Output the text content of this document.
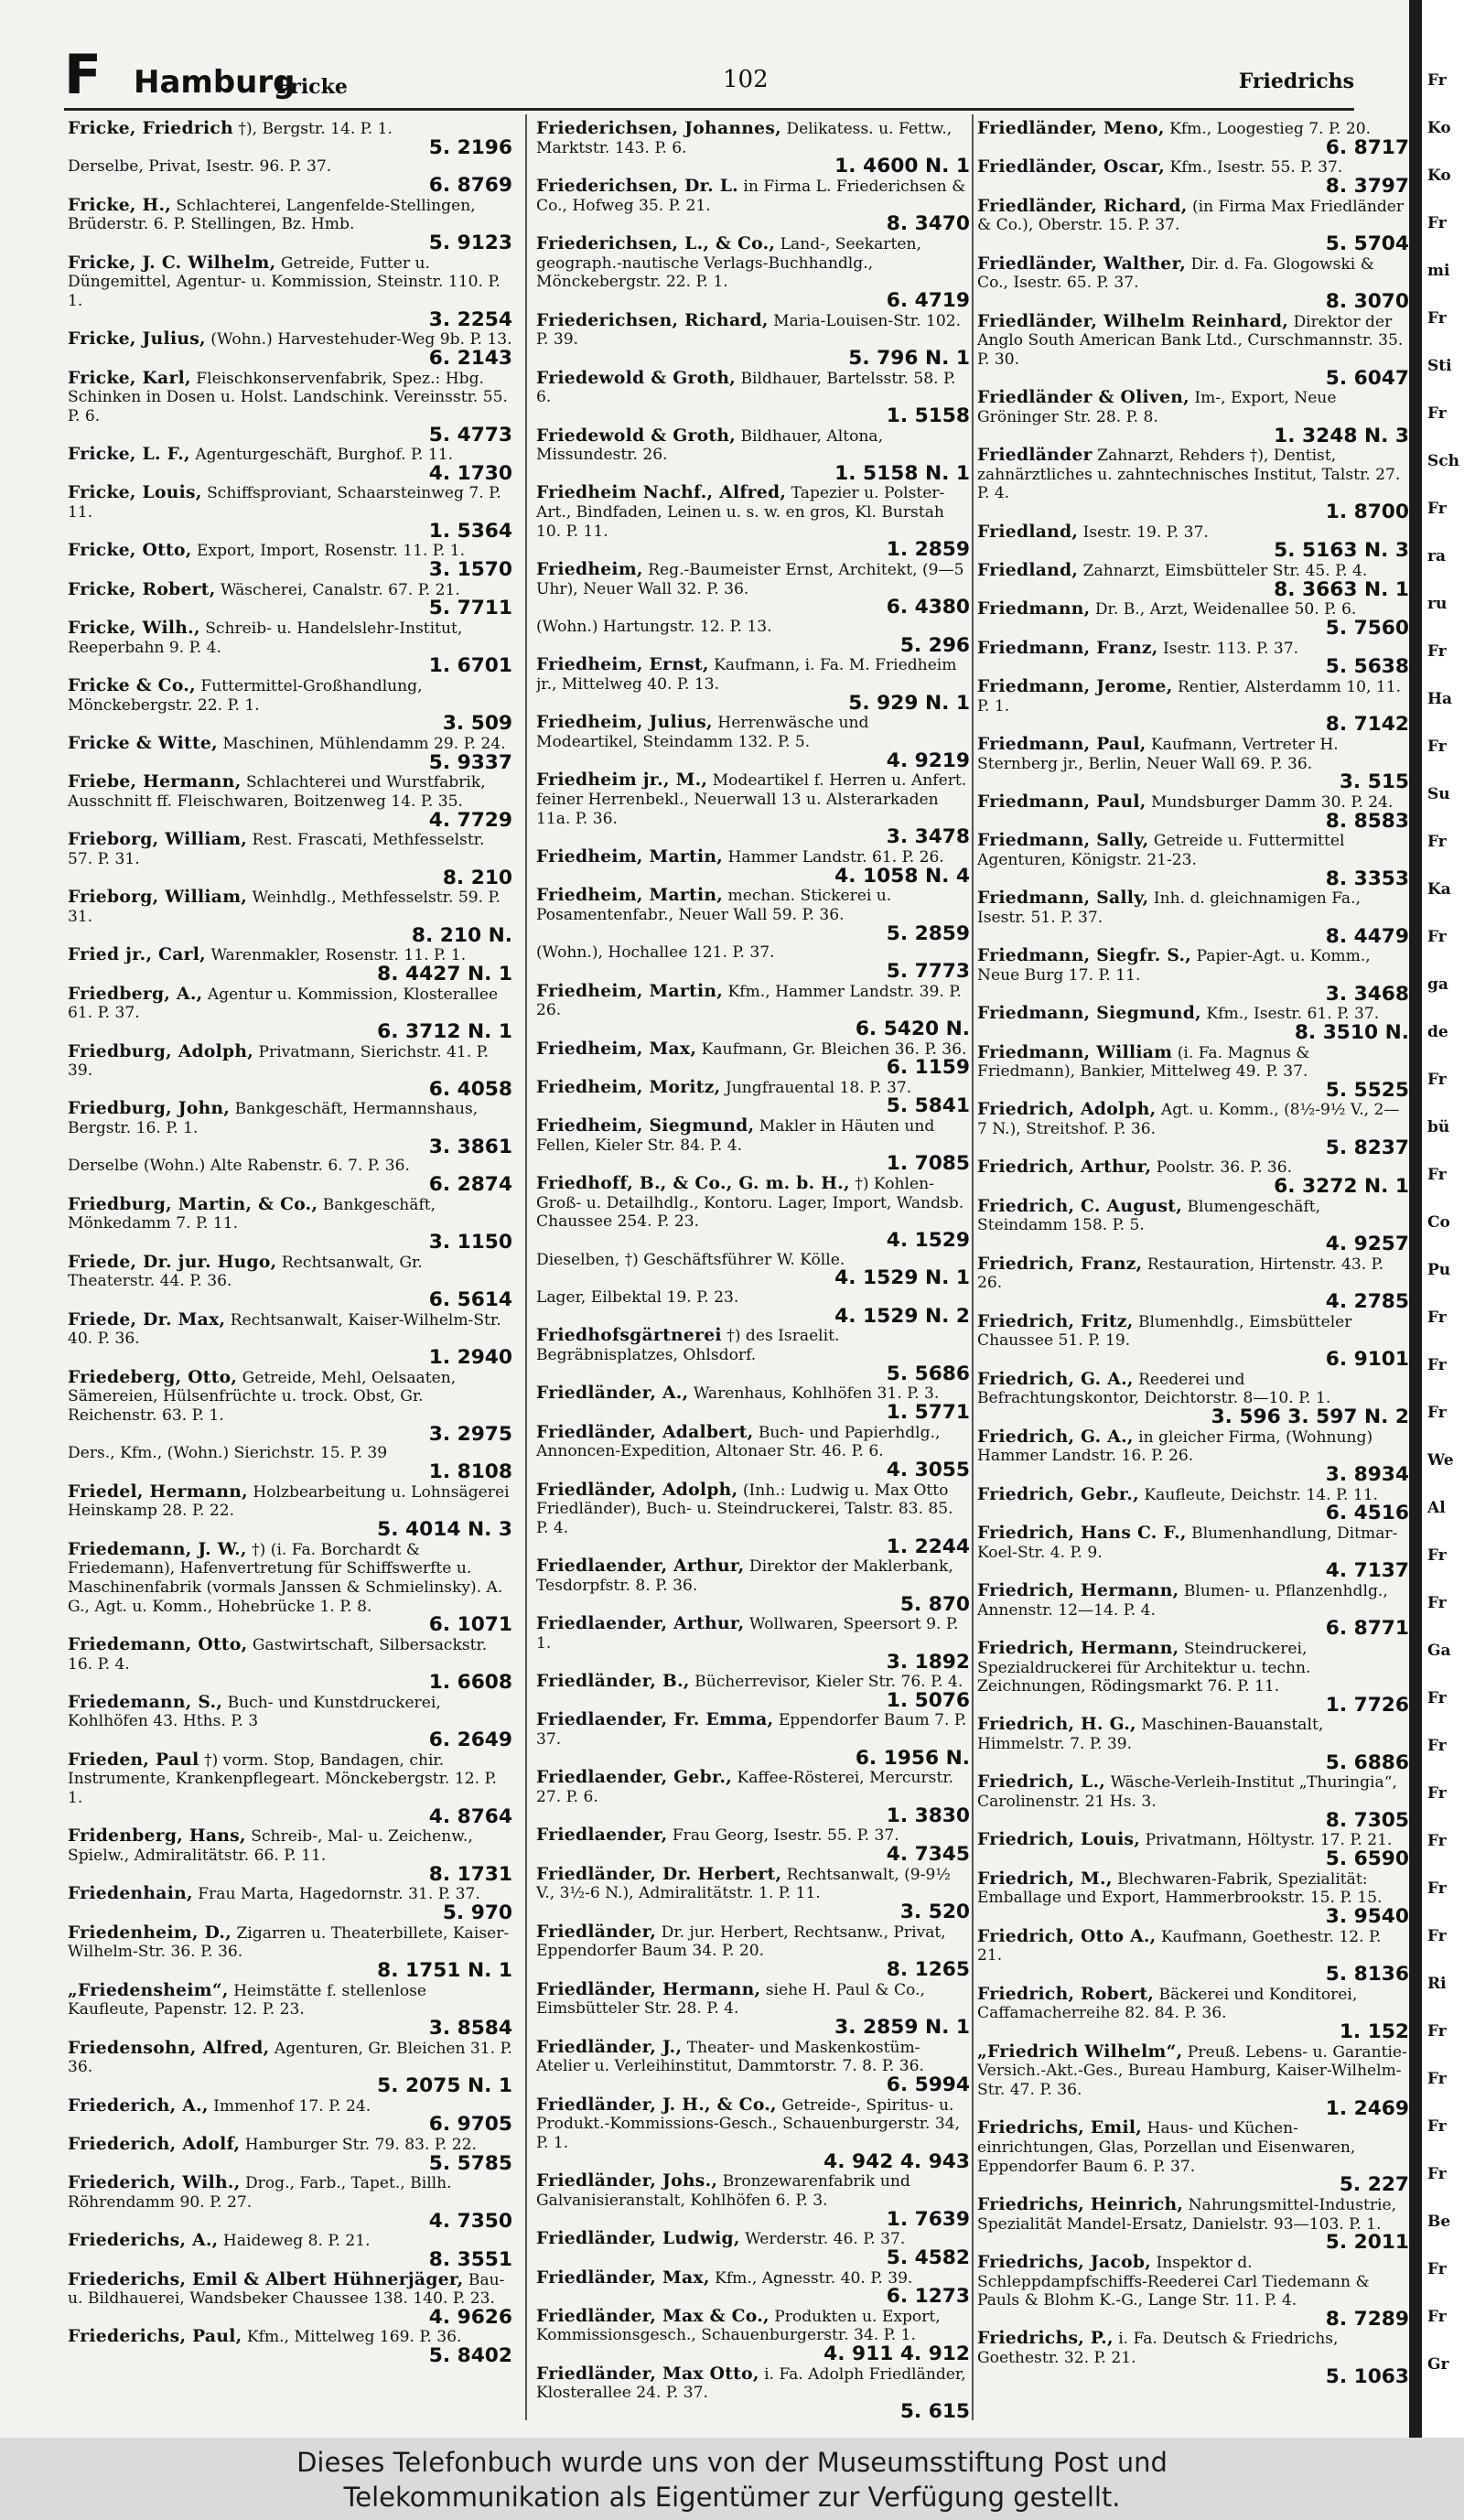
F Hamburg
Fricke	102	Friedrichs
Fricke, Friedrich †), Bergstr. 14. P. 1.
5. 2196
Derselbe, Privat, Isestr. 96. P. 37.
6. 8769
Fricke, H., Schlachterei, Langenfelde-Stellingen, Brüderstr. 6. P. Stellingen, Bz. Hmb.
5. 9123
Fricke, J. C. Wilhelm, Getreide, Futter u. Düngemittel, Agentur- u. Kommission, Steinstr. 110. P. 1.
3. 2254
Fricke, Julius, (Wohn.) Harvestehuder-Weg 9b. P. 13.
6. 2143
Fricke, Karl, Fleischkonservenfabrik, Spez.: Hbg. Schinken in Dosen u. Holst. Landschink. Vereinsstr. 55. P. 6.
5. 4773
Fricke, L. F., Agenturgeschäft, Burghof. P. 11.
4. 1730
Fricke, Louis, Schiffsproviant, Schaarsteinweg 7. P. 11.
1. 5364
Fricke, Otto, Export, Import, Rosenstr. 11. P. 1.
3. 1570
Fricke, Robert, Wäscherei, Canalstr. 67. P. 21.
5. 7711
Fricke, Wilh., Schreib- u. Handelslehr-Institut, Reeperbahn 9. P. 4.
1. 6701
Fricke & Co., Futtermittel-Großhandlung, Mönckebergstr. 22. P. 1.
3. 509
Fricke & Witte, Maschinen, Mühlendamm 29. P. 24.
5. 9337
Friebe, Hermann, Schlachterei und Wurstfabrik, Ausschnitt ff. Fleischwaren, Boitzenweg 14. P. 35.
4. 7729
Frieborg, William, Rest. Frascati, Methfesselstr. 57. P. 31.
8. 210
Frieborg, William, Weinhdlg., Methfesselstr. 59. P. 31.
8. 210 N.
Fried jr., Carl, Warenmakler, Rosenstr. 11. P. 1.
8. 4427 N. 1
Friedberg, A., Agentur u. Kommission, Klosterallee 61. P. 37.
6. 3712 N. 1
Friedburg, Adolph, Privatmann, Sierichstr. 41. P. 39.
6. 4058
Friedburg, John, Bankgeschäft, Hermannshaus, Bergstr. 16. P. 1.
3. 3861
Derselbe (Wohn.) Alte Rabenstr. 6. 7. P. 36.
6. 2874
Friedburg, Martin, & Co., Bankgeschäft, Mönkedamm 7. P. 11.
3. 1150
Friede, Dr. jur. Hugo, Rechtsanwalt, Gr. Theaterstr. 44. P. 36.
6. 5614
Friede, Dr. Max, Rechtsanwalt, Kaiser-Wilhelm-Str. 40. P. 36.
1. 2940
Friedeberg, Otto, Getreide, Mehl, Oelsaaten, Sämereien, Hülsenfrüchte u. trock. Obst, Gr. Reichenstr. 63. P. 1.
3. 2975
Ders., Kfm., (Wohn.) Sierichstr. 15. P. 39
1. 8108
Friedel, Hermann, Holzbearbeitung u. Lohnsägerei Heinskamp 28. P. 22.
5. 4014 N. 3
Friedemann, J. W., †) (i. Fa. Borchardt & Friedemann), Hafenvertretung für Schiffswerfte u. Maschinenfabrik (vormals Janssen & Schmielinsky). A. G., Agt. u. Komm., Hohebrücke 1. P. 8.
6. 1071
Friedemann, Otto, Gastwirtschaft, Silbersackstr. 16. P. 4.
1. 6608
Friedemann, S., Buch- und Kunstdruckerei, Kohlhöfen 43. Hths. P. 3
6. 2649
Frieden, Paul †) vorm. Stop, Bandagen, chir. Instrumente, Krankenpflegeart. Mönckebergstr. 12. P. 1.
4. 8764
Fridenberg, Hans, Schreib-, Mal- u. Zeichenw., Spielw., Admiralitätstr. 66. P. 11.
8. 1731
Friedenhain, Frau Marta, Hagedornstr. 31. P. 37.
5. 970
Friedenheim, D., Zigarren u. Theaterbillete, Kaiser-Wilhelm-Str. 36. P. 36.
8. 1751 N. 1
„Friedensheim“, Heimstätte f. stellenlose Kaufleute, Papenstr. 12. P. 23.
3. 8584
Friedensohn, Alfred, Agenturen, Gr. Bleichen 31. P. 36.
5. 2075 N. 1
Friederich, A., Immenhof 17. P. 24.
6. 9705
Friederich, Adolf, Hamburger Str. 79. 83. P. 22.
5. 5785
Friederich, Wilh., Drog., Farb., Tapet., Billh. Röhrendamm 90. P. 27.
4. 7350
Friederichs, A., Haideweg 8. P. 21.
8. 3551
Friederichs, Emil & Albert Hühnerjäger, Bau- u. Bildhauerei, Wandsbeker Chaussee 138. 140. P. 23.
4. 9626
Friederichs, Paul, Kfm., Mittelweg 169. P. 36.
5. 8402
Friederichsen, Johannes, Delikatess. u. Fettw., Marktstr. 143. P. 6.
1. 4600 N. 1
Friederichsen, Dr. L. in Firma L. Friederichsen & Co., Hofweg 35. P. 21.
8. 3470
Friederichsen, L., & Co., Land-, Seekarten, geograph.-nautische Verlags-Buchhandlg., Mönckebergstr. 22. P. 1.
6. 4719
Friederichsen, Richard, Maria-Louisen-Str. 102. P. 39.
5. 796 N. 1
Friedewold & Groth, Bildhauer, Bartelsstr. 58. P. 6.
1. 5158
Friedewold & Groth, Bildhauer, Altona, Missundestr. 26.
1. 5158 N. 1
Friedheim Nachf., Alfred, Tapezier u. Polster-Art., Bindfaden, Leinen u. s. w. en gros, Kl. Burstah 10. P. 11.
1. 2859
Friedheim, Reg.-Baumeister Ernst, Architekt, (9—5 Uhr), Neuer Wall 32. P. 36.
6. 4380
(Wohn.) Hartungstr. 12. P. 13.
5. 296
Friedheim, Ernst, Kaufmann, i. Fa. M. Friedheim jr., Mittelweg 40. P. 13.
5. 929 N. 1
Friedheim, Julius, Herrenwäsche und Modeartikel, Steindamm 132. P. 5.
4. 9219
Friedheim jr., M., Modeartikel f. Herren u. Anfert. feiner Herrenbekl., Neuerwall 13 u. Alsterarkaden 11a. P. 36.
3. 3478
Friedheim, Martin, Hammer Landstr. 61. P. 26.
4. 1058 N. 4
Friedheim, Martin, mechan. Stickerei u. Posamentenfabr., Neuer Wall 59. P. 36.
5. 2859
(Wohn.), Hochallee 121. P. 37.
5. 7773
Friedheim, Martin, Kfm., Hammer Landstr. 39. P. 26.
6. 5420 N.
Friedheim, Max, Kaufmann, Gr. Bleichen 36. P. 36.
6. 1159
Friedheim, Moritz, Jungfrauental 18. P. 37.
5. 5841
Friedheim, Siegmund, Makler in Häuten und Fellen, Kieler Str. 84. P. 4.
1. 7085
Friedhoff, B., & Co., G. m. b. H., †) Kohlen-Groß- u. Detailhdlg., Kontoru. Lager, Import, Wandsb. Chaussee 254. P. 23.
4. 1529
Dieselben, †) Geschäftsführer W. Kölle.
4. 1529 N. 1
Lager, Eilbektal 19. P. 23.
4. 1529 N. 2
Friedhofsgärtnerei †) des Israelit. Begräbnisplatzes, Ohlsdorf.
5. 5686
Friedländer, A., Warenhaus, Kohlhöfen 31. P. 3.
1. 5771
Friedländer, Adalbert, Buch- und Papierhdlg., Annoncen-Expedition, Altonaer Str. 46. P. 6.
4. 3055
Friedländer, Adolph, (Inh.: Ludwig u. Max Otto Friedländer), Buch- u. Steindruckerei, Talstr. 83. 85. P. 4.
1. 2244
Friedlaender, Arthur, Direktor der Maklerbank, Tesdorpfstr. 8. P. 36.
5. 870
Friedlaender, Arthur, Wollwaren, Speersort 9. P. 1.
3. 1892
Friedländer, B., Bücherrevisor, Kieler Str. 76. P. 4.
1. 5076
Friedlaender, Fr. Emma, Eppendorfer Baum 7. P. 37.
6. 1956 N.
Friedlaender, Gebr., Kaffee-Rösterei, Mercurstr. 27. P. 6.
1. 3830
Friedlaender, Frau Georg, Isestr. 55. P. 37.
4. 7345
Friedländer, Dr. Herbert, Rechtsanwalt, (9-9½ V., 3½-6 N.), Admiralitätstr. 1. P. 11.
3. 520
Friedländer, Dr. jur. Herbert, Rechtsanw., Privat, Eppendorfer Baum 34. P. 20.
8. 1265
Friedländer, Hermann, siehe H. Paul & Co., Eimsbütteler Str. 28. P. 4.
3. 2859 N. 1
Friedländer, J., Theater- und Maskenkostüm-Atelier u. Verleihinstitut, Dammtorstr. 7. 8. P. 36.
6. 5994
Friedländer, J. H., & Co., Getreide-, Spiritus- u. Produkt.-Kommissions-Gesch., Schauenburgerstr. 34, P. 1.
4. 942 4. 943
Friedländer, Johs., Bronzewarenfabrik und Galvanisieranstalt, Kohlhöfen 6. P. 3.
1. 7639
Friedländer, Ludwig, Werderstr. 46. P. 37.
5. 4582
Friedländer, Max, Kfm., Agnesstr. 40. P. 39.
6. 1273
Friedländer, Max & Co., Produkten u. Export, Kommissionsgesch., Schauenburgerstr. 34. P. 1.
4. 911 4. 912
Friedländer, Max Otto, i. Fa. Adolph Friedländer, Klosterallee 24. P. 37.
5. 615
Friedländer, Meno, Kfm., Loogestieg 7. P. 20.
6. 8717
Friedländer, Oscar, Kfm., Isestr. 55. P. 37.
8. 3797
Friedländer, Richard, (in Firma Max Friedländer & Co.), Oberstr. 15. P. 37.
5. 5704
Friedländer, Walther, Dir. d. Fa. Glogowski & Co., Isestr. 65. P. 37.
8. 3070
Friedländer, Wilhelm Reinhard, Direktor der Anglo South American Bank Ltd., Curschmannstr. 35. P. 30.
5. 6047
Friedländer & Oliven, Im-, Export, Neue Gröninger Str. 28. P. 8.
1. 3248 N. 3
Friedländer Zahnarzt, Rehders †), Dentist, zahnärztliches u. zahntechnisches Institut, Talstr. 27. P. 4.
1. 8700
Friedland, Isestr. 19. P. 37.
5. 5163 N. 3
Friedland, Zahnarzt, Eimsbütteler Str. 45. P. 4.
8. 3663 N. 1
Friedmann, Dr. B., Arzt, Weidenallee 50. P. 6.
5. 7560
Friedmann, Franz, Isestr. 113. P. 37.
5. 5638
Friedmann, Jerome, Rentier, Alsterdamm 10, 11. P. 1.
8. 7142
Friedmann, Paul, Kaufmann, Vertreter H. Sternberg jr., Berlin, Neuer Wall 69. P. 36.
3. 515
Friedmann, Paul, Mundsburger Damm 30. P. 24.
8. 8583
Friedmann, Sally, Getreide u. Futtermittel Agenturen, Königstr. 21-23.
8. 3353
Friedmann, Sally, Inh. d. gleichnamigen Fa., Isestr. 51. P. 37.
8. 4479
Friedmann, Siegfr. S., Papier-Agt. u. Komm., Neue Burg 17. P. 11.
3. 3468
Friedmann, Siegmund, Kfm., Isestr. 61. P. 37.
8. 3510 N.
Friedmann, William (i. Fa. Magnus & Friedmann), Bankier, Mittelweg 49. P. 37.
5. 5525
Friedrich, Adolph, Agt. u. Komm., (8½-9½ V., 2—7 N.), Streitshof. P. 36.
5. 8237
Friedrich, Arthur, Poolstr. 36. P. 36.
6. 3272 N. 1
Friedrich, C. August, Blumengeschäft, Steindamm 158. P. 5.
4. 9257
Friedrich, Franz, Restauration, Hirtenstr. 43. P. 26.
4. 2785
Friedrich, Fritz, Blumenhdlg., Eimsbütteler Chaussee 51. P. 19.
6. 9101
Friedrich, G. A., Reederei und Befrachtungskontor, Deichtorstr. 8—10. P. 1.
3. 596 3. 597 N. 2
Friedrich, G. A., in gleicher Firma, (Wohnung) Hammer Landstr. 16. P. 26.
3. 8934
Friedrich, Gebr., Kaufleute, Deichstr. 14. P. 11.
6. 4516
Friedrich, Hans C. F., Blumenhandlung, Ditmar-Koel-Str. 4. P. 9.
4. 7137
Friedrich, Hermann, Blumen- u. Pflanzenhdlg., Annenstr. 12—14. P. 4.
6. 8771
Friedrich, Hermann, Steindruckerei, Spezialdruckerei für Architektur u. techn. Zeichnungen, Rödingsmarkt 76. P. 11.
1. 7726
Friedrich, H. G., Maschinen-Bauanstalt, Himmelstr. 7. P. 39.
5. 6886
Friedrich, L., Wäsche-Verleih-Institut „Thuringia“, Carolinenstr. 21 Hs. 3.
8. 7305
Friedrich, Louis, Privatmann, Höltystr. 17. P. 21.
5. 6590
Friedrich, M., Blechwaren-Fabrik, Spezialität: Emballage und Export, Hammerbrookstr. 15. P. 15.
3. 9540
Friedrich, Otto A., Kaufmann, Goethestr. 12. P. 21.
5. 8136
Friedrich, Robert, Bäckerei und Konditorei, Caffamacherreihe 82. 84. P. 36.
1. 152
„Friedrich Wilhelm“, Preuß. Lebens- u. Garantie-Versich.-Akt.-Ges., Bureau Hamburg, Kaiser-Wilhelm-Str. 47. P. 36.
1. 2469
Friedrichs, Emil, Haus- und Küchen-einrichtungen, Glas, Porzellan und Eisenwaren, Eppendorfer Baum 6. P. 37.
5. 227
Friedrichs, Heinrich, Nahrungsmittel-Industrie, Spezialität Mandel-Ersatz, Danielstr. 93—103. P. 1.
5. 2011
Friedrichs, Jacob, Inspektor d. Schleppdampfschiffs-Reederei Carl Tiedemann & Pauls & Blohm K.-G., Lange Str. 11. P. 4.
8. 7289
Friedrichs, P., i. Fa. Deutsch & Friedrichs, Goethestr. 32. P. 21.
5. 1063
Fr
Ko
Ko
Fr
mi
Fr
Sti
Fr
Sch
Fr
ra
ru
Fr
Ha
Fr
Su
Fr
Ka
Fr
ga
de
Fr
bü
Fr
Co
Pu
Fr
Fr
Fr
We
Al
Fr
Fr
Ga
Fr
Fr
Fr
Fr
Fr
Fr
Ri
Fr
Fr
Fr
Fr
Be
Fr
Fr
Gr
Dieses Telefonbuch wurde uns von der Museumsstiftung Post und
Telekommunikation als Eigentümer zur Verfügung gestellt.
